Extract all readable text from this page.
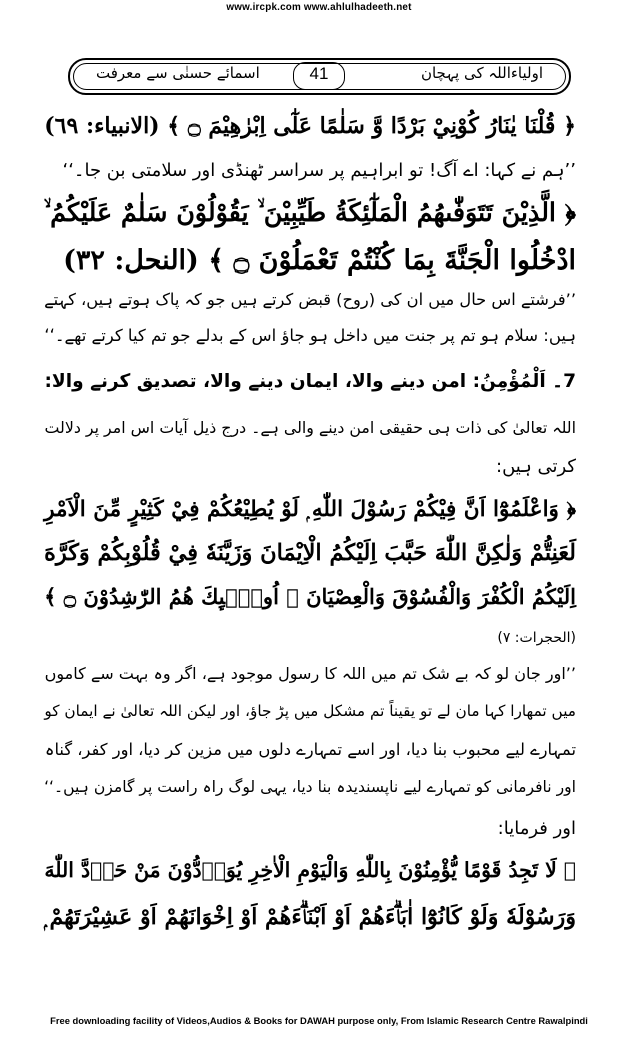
www.ircpk.com www.ahlulhadeeth.net
اولیاءاللہ کی پہچان
41
اسمائے حسنٰی سے معرفت
﴿ قُلْنَا يٰنَارُ كُوْنِيْ بَرْدًا وَّ سَلٰمًا عَلٰٓى اِبْرٰهِيْمَ ۝ ﴾ (الانبیاء: ٦٩)
’’ہم نے کہا: اے آگ! تو ابراہیم پر سراسر ٹھنڈی اور سلامتی بن جا۔‘‘
﴿ الَّذِيْنَ تَتَوَفّٰىهُمُ الْمَلٰٓئِكَةُ طَيِّبِيْنَ ۙ يَقُوْلُوْنَ سَلٰمٌ عَلَيْكُمُ ۙ
ادْخُلُوا الْجَنَّةَ بِمَا كُنْتُمْ تَعْمَلُوْنَ ۝ ﴾ (النحل: ٣٢)
’’فرشتے اس حال میں ان کی (روح) قبض کرتے ہیں جو کہ پاک ہوتے ہیں، کہتے
ہیں: سلام ہو تم پر جنت میں داخل ہو جاؤ اس کے بدلے جو تم کیا کرتے تھے۔‘‘
7۔ اَلْمُؤْمِنُ: امن دینے والا، ایمان دینے والا، تصدیق کرنے والا:
اللہ تعالیٰ کی ذات ہی حقیقی امن دینے والی ہے۔ درج ذیل آیات اس امر پر دلالت
کرتی ہیں:
﴿ وَاعْلَمُوْٓا اَنَّ فِيْكُمْ رَسُوْلَ اللّٰهِ ۭ لَوْ يُطِيْعُكُمْ فِيْ كَثِيْرٍ مِّنَ الْاَمْرِ
لَعَنِتُّمْ وَلٰكِنَّ اللّٰهَ حَبَّبَ اِلَيْكُمُ الْاِيْمَانَ وَزَيَّنَهٗ فِيْ قُلُوْبِكُمْ وَكَرَّهَ
اِلَيْكُمُ الْكُفْرَ وَالْفُسُوْقَ وَالْعِصْيَانَ ۭ اُولٰۗىِٕكَ هُمُ الرّٰشِدُوْنَ ۝ ﴾
(الحجرات: ٧)
’’اور جان لو کہ بے شک تم میں اللہ کا رسول موجود ہے، اگر وہ بہت سے کاموں
میں تمھارا کہا مان لے تو یقیناً تم مشکل میں پڑ جاؤ، اور لیکن اللہ تعالیٰ نے ایمان کو
تمہارے لیے محبوب بنا دیا، اور اسے تمہارے دلوں میں مزین کر دیا، اور کفر، گناہ
اور نافرمانی کو تمہارے لیے ناپسندیدہ بنا دیا، یہی لوگ راہ راست پر گامزن ہیں۔‘‘
اور فرمایا:
﴿ لَا تَجِدُ قَوْمًا يُّؤْمِنُوْنَ بِاللّٰهِ وَالْيَوْمِ الْاٰخِرِ يُوَاۗدُّوْنَ مَنْ حَاۗدَّ اللّٰهَ
وَرَسُوْلَهٗ وَلَوْ كَانُوْٓا اٰبَاۗءَهُمْ اَوْ اَبْنَاۗءَهُمْ اَوْ اِخْوَانَهُمْ اَوْ عَشِيْرَتَهُمْ ۭ
Free downloading facility of Videos,Audios & Books for DAWAH purpose only, From Islamic Research Centre Rawalpindi
